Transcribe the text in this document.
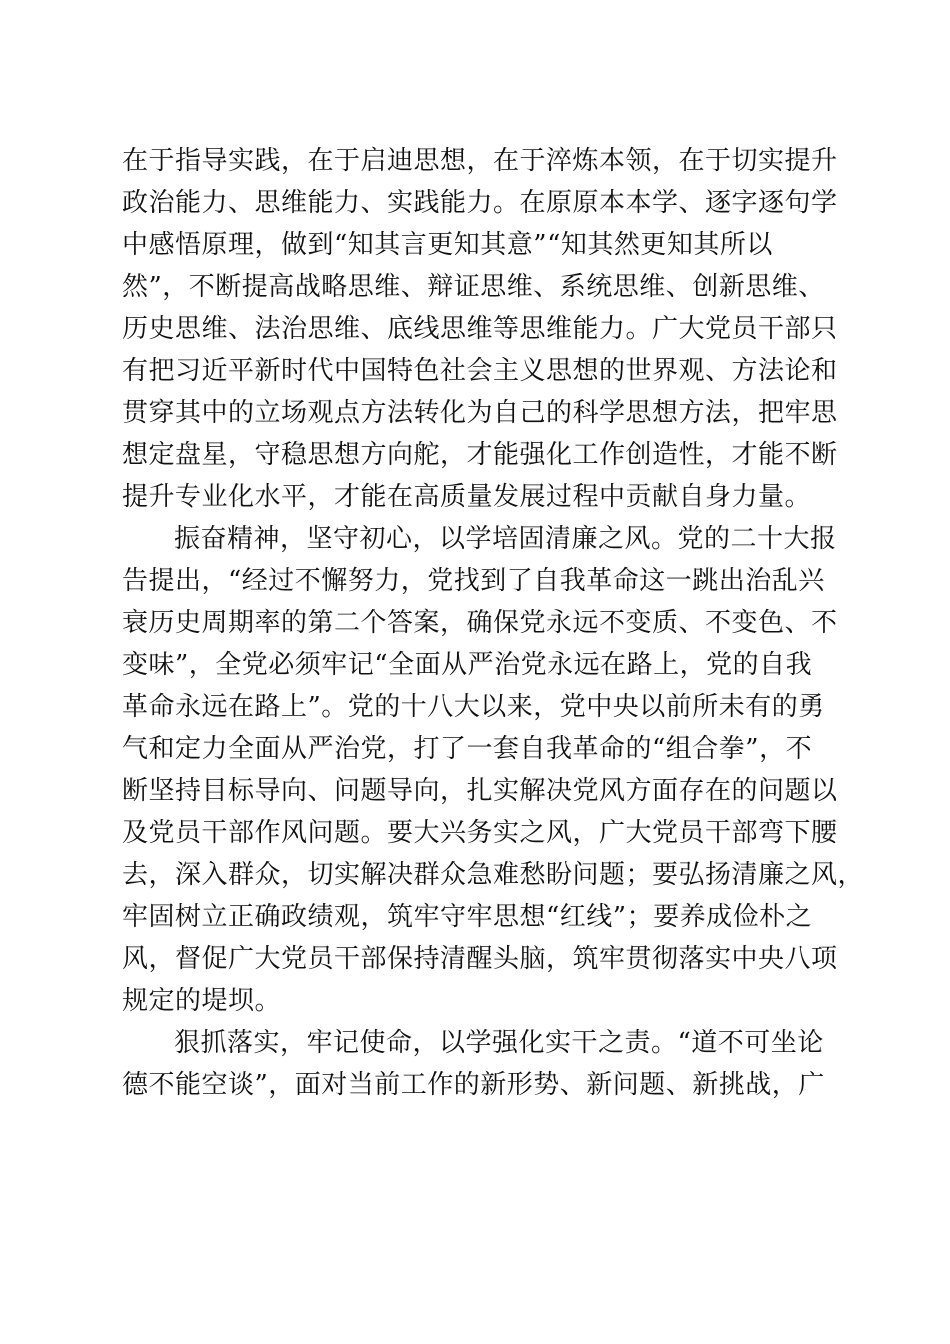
在于指导实践，在于启迪思想，在于淬炼本领，在于切实提升
政治能力、思维能力、实践能力。在原原本本学、逐字逐句学
中感悟原理，做到“知其言更知其意”“知其然更知其所以
然”，不断提高战略思维、辩证思维、系统思维、创新思维、
历史思维、法治思维、底线思维等思维能力。广大党员干部只
有把习近平新时代中国特色社会主义思想的世界观、方法论和
贯穿其中的立场观点方法转化为自己的科学思想方法，把牢思
想定盘星，守稳思想方向舵，才能强化工作创造性，才能不断
提升专业化水平，才能在高质量发展过程中贡献自身力量。
振奋精神，坚守初心，以学培固清廉之风。党的二十大报
告提出，“经过不懈努力，党找到了自我革命这一跳出治乱兴
衰历史周期率的第二个答案，确保党永远不变质、不变色、不
变味”，全党必须牢记“全面从严治党永远在路上，党的自我
革命永远在路上”。党的十八大以来，党中央以前所未有的勇
气和定力全面从严治党，打了一套自我革命的“组合拳”，不
断坚持目标导向、问题导向，扎实解决党风方面存在的问题以
及党员干部作风问题。要大兴务实之风，广大党员干部弯下腰
去，深入群众，切实解决群众急难愁盼问题；要弘扬清廉之风，
牢固树立正确政绩观，筑牢守牢思想“红线”；要养成俭朴之
风，督促广大党员干部保持清醒头脑，筑牢贯彻落实中央八项
规定的堤坝。
狠抓落实，牢记使命，以学强化实干之责。“道不可坐论
德不能空谈”，面对当前工作的新形势、新问题、新挑战，广
